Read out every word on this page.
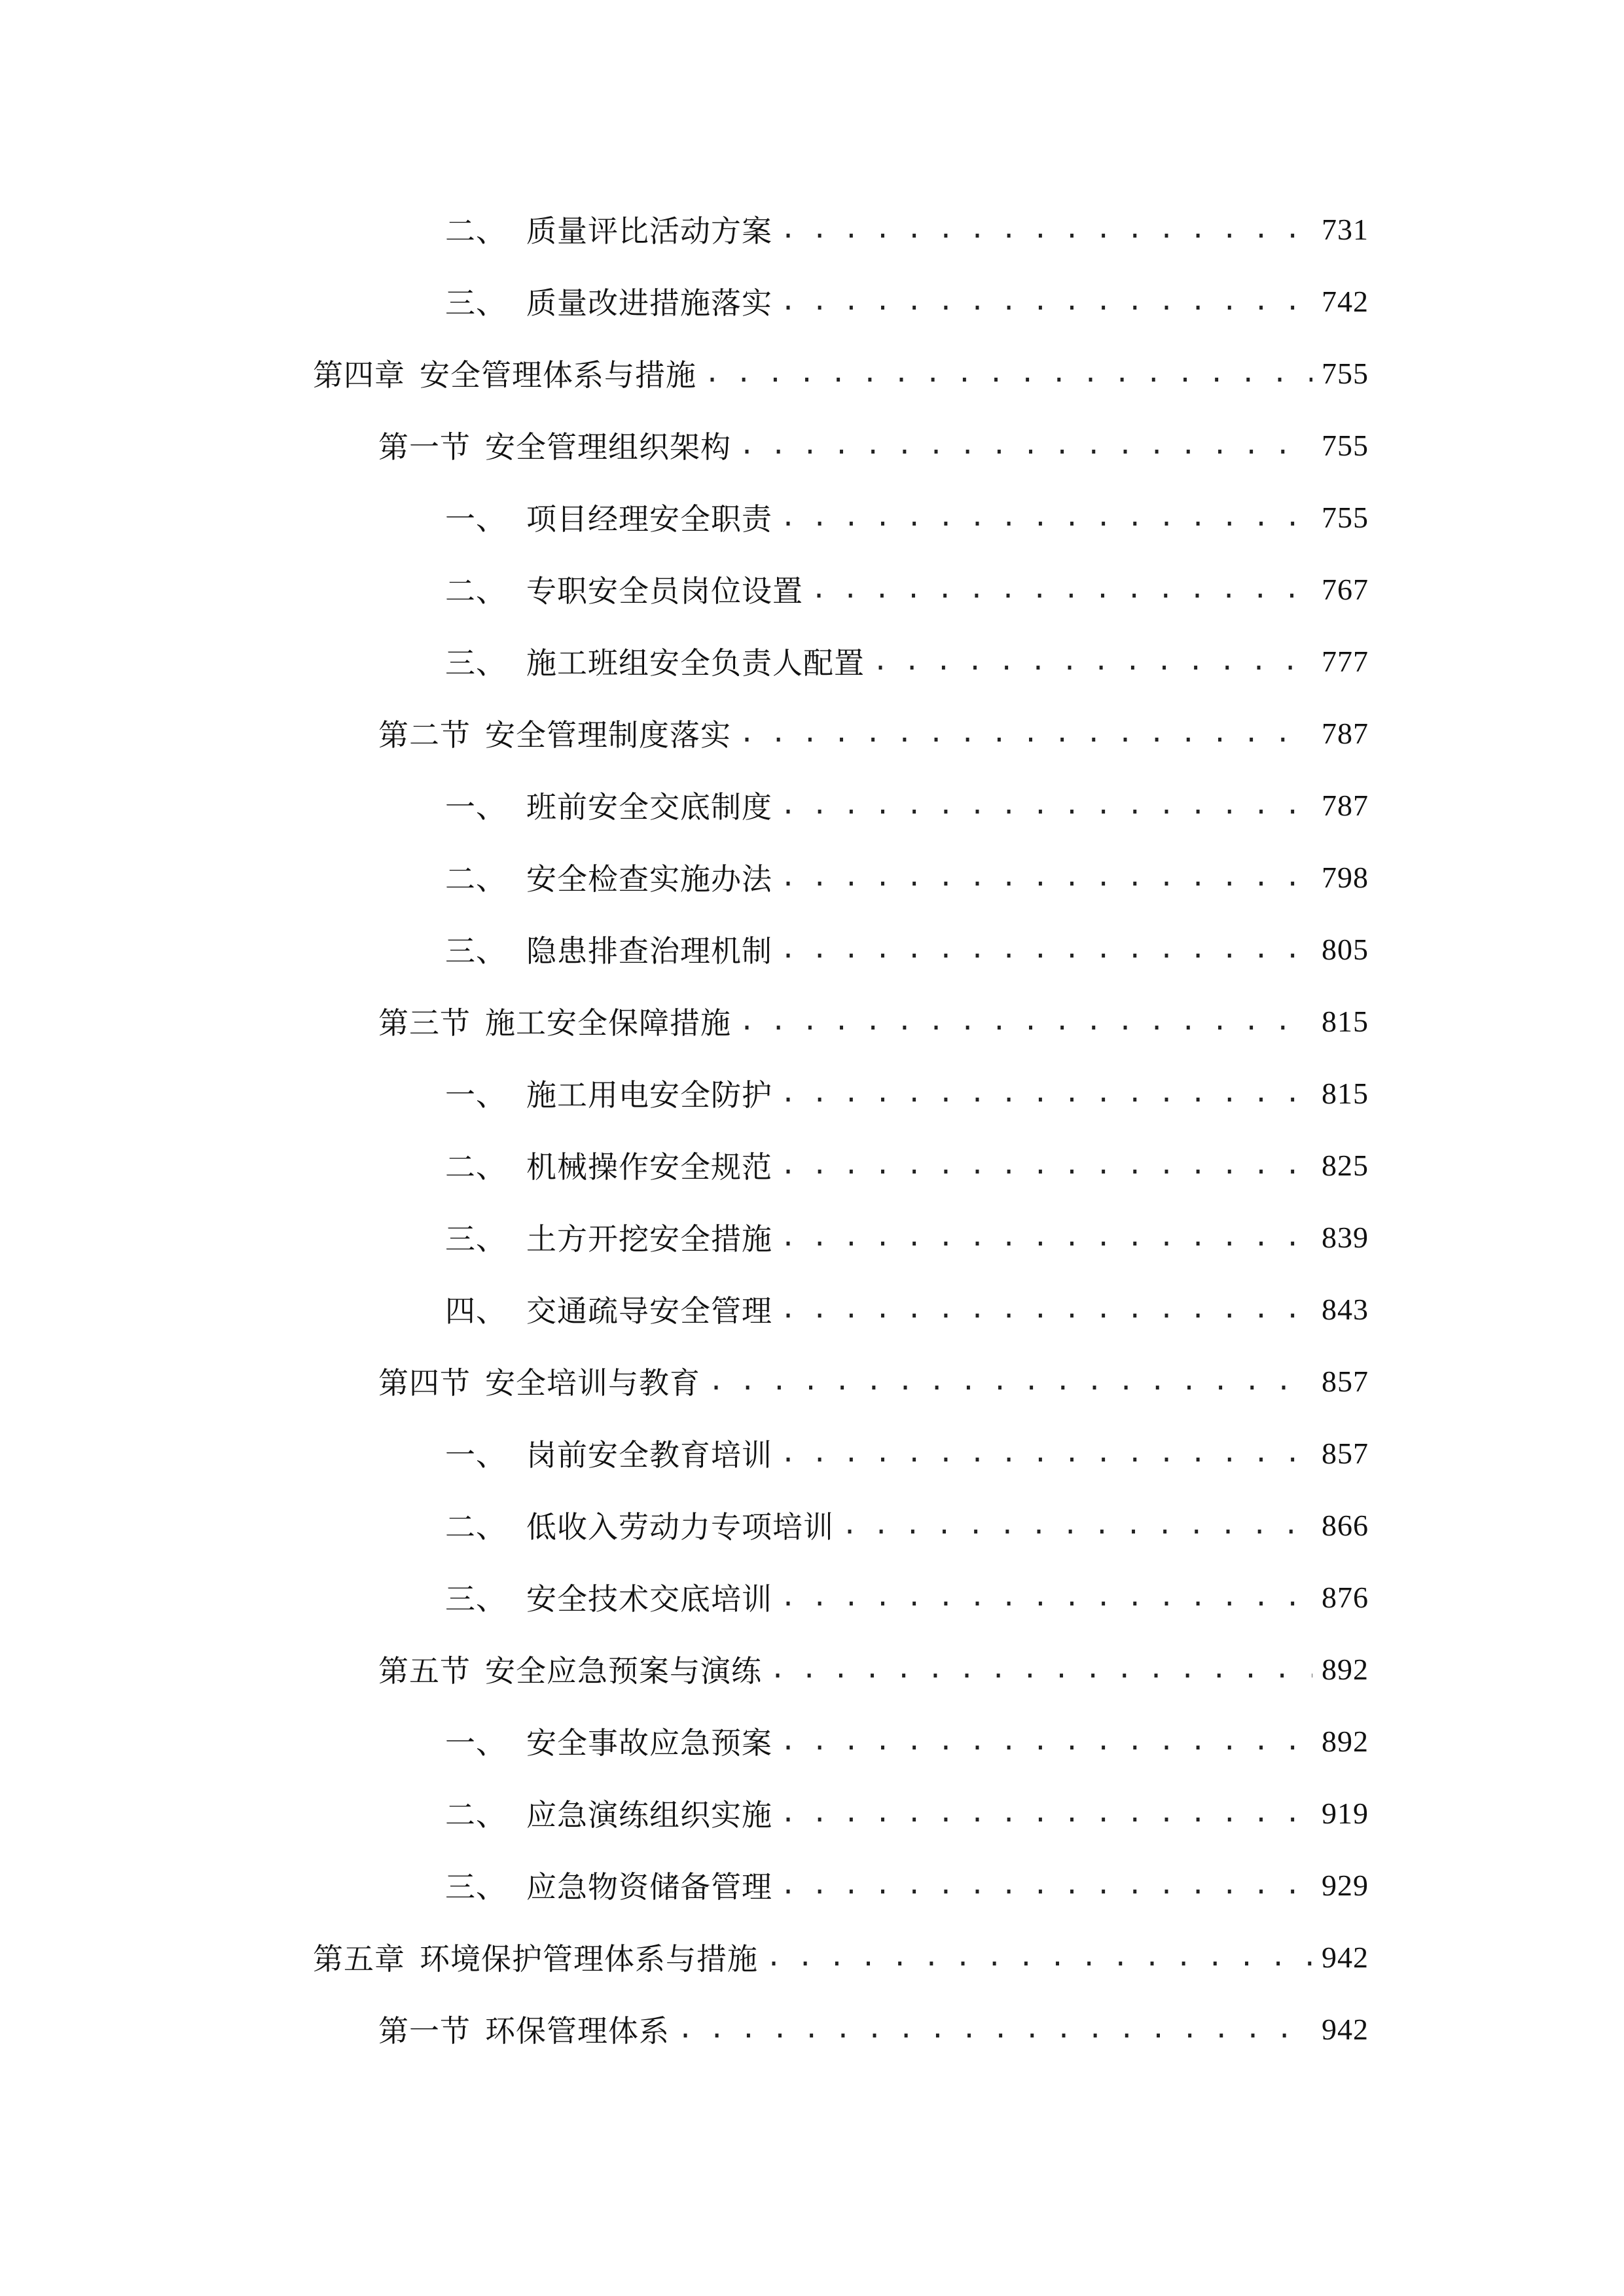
二、 质量评比活动方案 . . .	731
三、 质量改进措施落实 . . .	742
第四章 安全管理体系与措施 . . .	755
第一节 安全管理组织架构 . . .	755
一、 项目经理安全职责 . . .	755
二、 专职安全员岗位设置 . . .	767
三、 施工班组安全负责人配置 . . .	777
第二节 安全管理制度落实 . . .	787
一、 班前安全交底制度 . . .	787
二、 安全检查实施办法 . . .	798
三、 隐患排查治理机制 . . .	805
第三节 施工安全保障措施 . . .	815
一、 施工用电安全防护 . . .	815
二、 机械操作安全规范 . . .	825
三、 土方开挖安全措施 . . .	839
四、 交通疏导安全管理 . . .	843
第四节 安全培训与教育 . . .	857
一、 岗前安全教育培训 . . .	857
二、 低收入劳动力专项培训 . . .	866
三、 安全技术交底培训 . . .	876
第五节 安全应急预案与演练 . . .	892
一、 安全事故应急预案 . . .	892
二、 应急演练组织实施 . . .	919
三、 应急物资储备管理 . . .	929
第五章 环境保护管理体系与措施 . . .	942
第一节 环保管理体系 . . .	942
